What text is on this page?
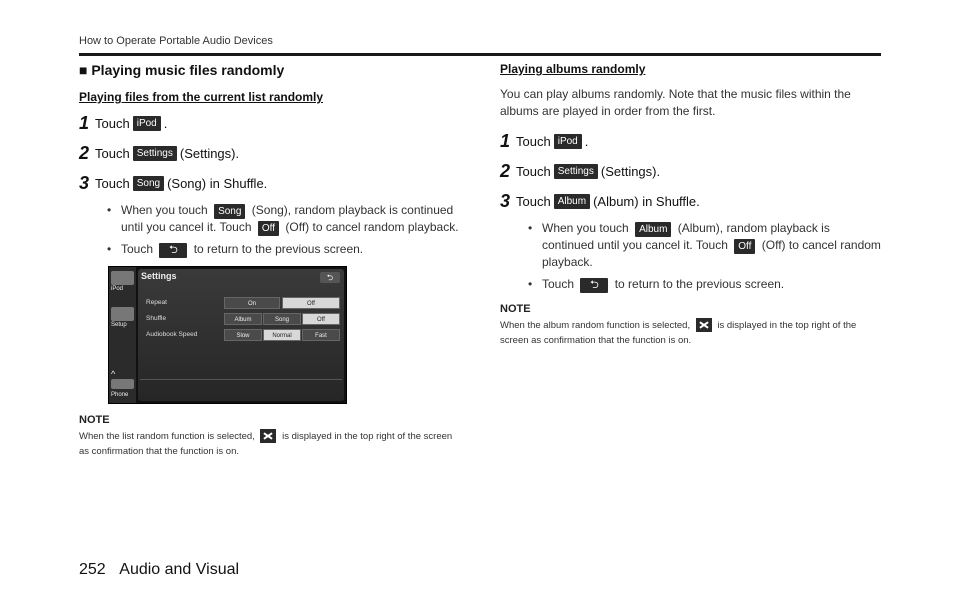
How to Operate Portable Audio Devices
■ Playing music files randomly
Playing files from the current list randomly
1 Touch iPod .
2 Touch Settings (Settings).
3 Touch Song (Song) in Shuffle.
• When you touch Song (Song), random playback is continued until you cancel it. Touch Off (Off) to cancel random playback.
• Touch ⮌ to return to the previous screen.
iPod
Setup
^
Phone
Settings	⮌
Repeat	On	Off
Shuffle	Album	Song	Off
Audiobook Speed	Slow	Normal	Fast
NOTE
When the list random function is selected,	is displayed in the top right of the screen as confirmation that the function is on.
Playing albums randomly
You can play albums randomly. Note that the music files within the albums are played in order from the first.
1 Touch iPod .
2 Touch Settings (Settings).
3 Touch Album (Album) in Shuffle.
• When you touch Album (Album), random playback is continued until you cancel it. Touch Off (Off) to cancel random playback.
• Touch ⮌ to return to the previous screen.
NOTE
When the album random function is selected,	is displayed in the top right of the screen as confirmation that the function is on.
252 Audio and Visual
